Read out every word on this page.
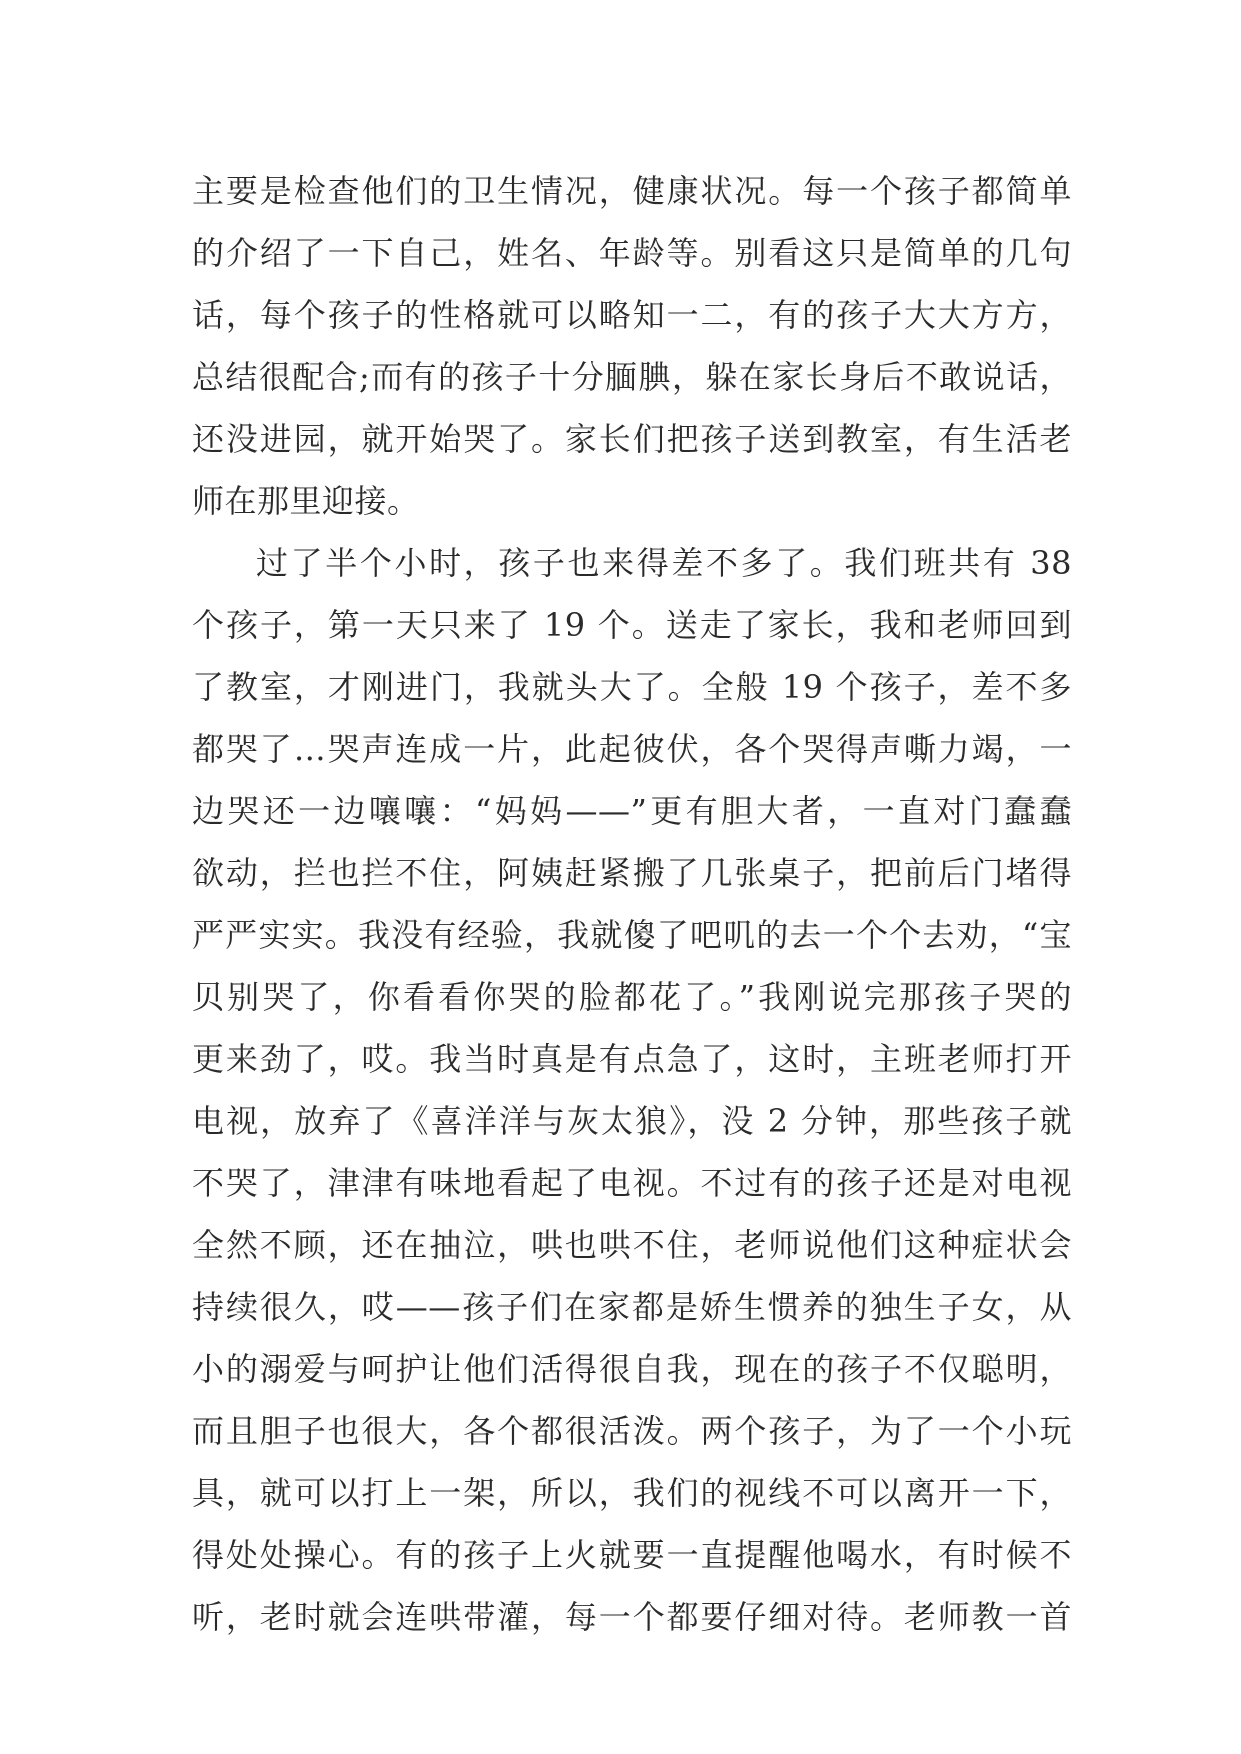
主要是检查他们的卫生情况，健康状况。每一个孩子都简单
的介绍了一下自己，姓名、年龄等。别看这只是简单的几句
话，每个孩子的性格就可以略知一二，有的孩子大大方方，
总结很配合;而有的孩子十分腼腆，躲在家长身后不敢说话，
还没进园，就开始哭了。家长们把孩子送到教室，有生活老
师在那里迎接。
过了半个小时，孩子也来得差不多了。我们班共有 38
个孩子，第一天只来了 19 个。送走了家长，我和老师回到
了教室，才刚进门，我就头大了。全般 19 个孩子，差不多
都哭了…哭声连成一片，此起彼伏，各个哭得声嘶力竭，一
边哭还一边嚷嚷：“妈妈——”更有胆大者，一直对门蠢蠢
欲动，拦也拦不住，阿姨赶紧搬了几张桌子，把前后门堵得
严严实实。我没有经验，我就傻了吧叽的去一个个去劝，“宝
贝别哭了，你看看你哭的脸都花了。”我刚说完那孩子哭的
更来劲了，哎。我当时真是有点急了，这时，主班老师打开
电视，放弃了《喜洋洋与灰太狼》，没 2 分钟，那些孩子就
不哭了，津津有味地看起了电视。不过有的孩子还是对电视
全然不顾，还在抽泣，哄也哄不住，老师说他们这种症状会
持续很久，哎——孩子们在家都是娇生惯养的独生子女，从
小的溺爱与呵护让他们活得很自我，现在的孩子不仅聪明，
而且胆子也很大，各个都很活泼。两个孩子，为了一个小玩
具，就可以打上一架，所以，我们的视线不可以离开一下，
得处处操心。有的孩子上火就要一直提醒他喝水，有时候不
听，老时就会连哄带灌，每一个都要仔细对待。老师教一首
